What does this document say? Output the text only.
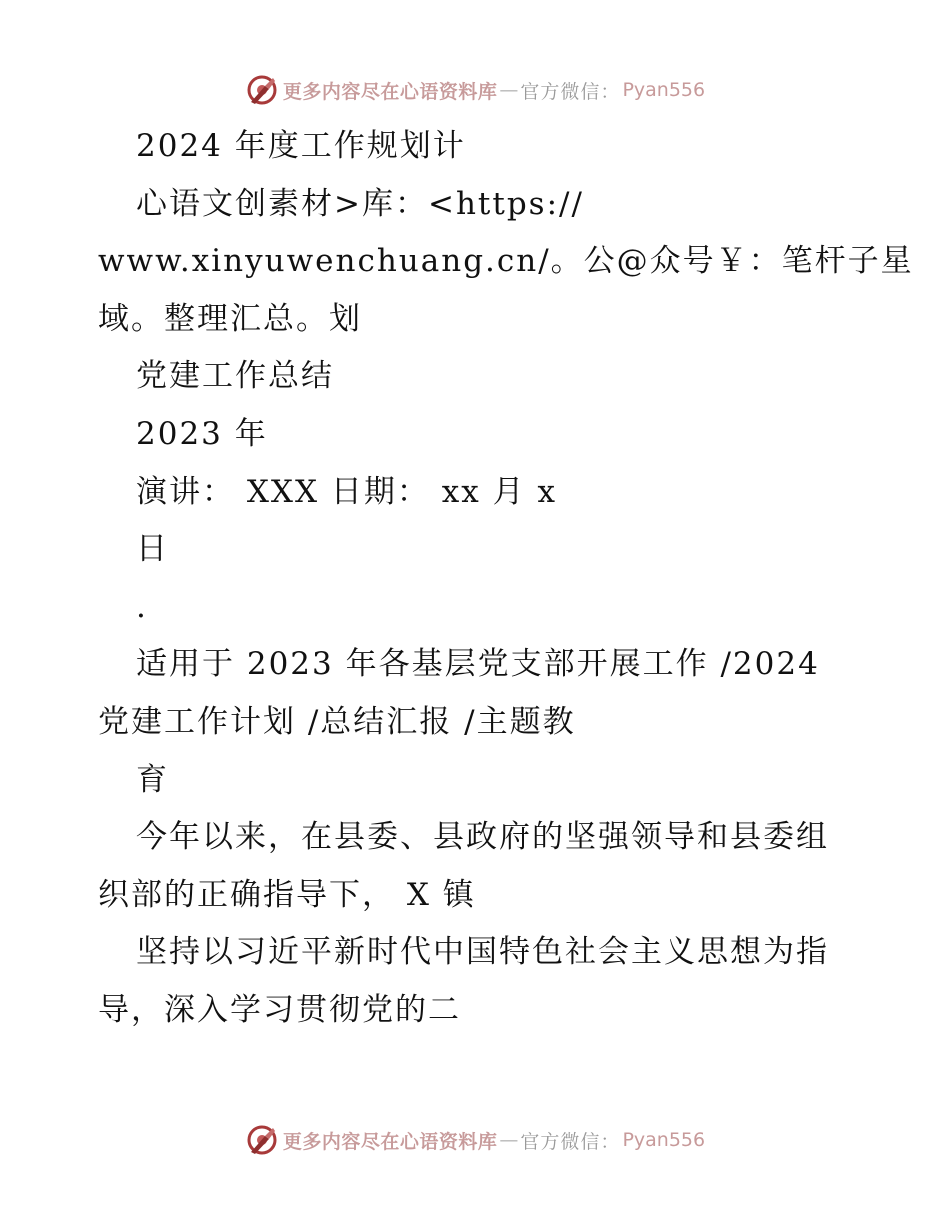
更多内容尽在心语资料库 — 官方微信： Pyan556
2024 年度工作规划计
心语文创素材>库：<https://
www.xinyuwenchuang.cn/。公@众号￥：笔杆子星
域。整理汇总。划
党建工作总结
2023 年
演讲： XXX 日期： xx 月 x
日
.
适用于 2023 年各基层党支部开展工作 /2024
党建工作计划 /总结汇报 /主题教
育
今年以来，在县委、县政府的坚强领导和县委组
织部的正确指导下， X 镇
坚持以习近平新时代中国特色社会主义思想为指
导，深入学习贯彻党的二
更多内容尽在心语资料库 — 官方微信： Pyan556
